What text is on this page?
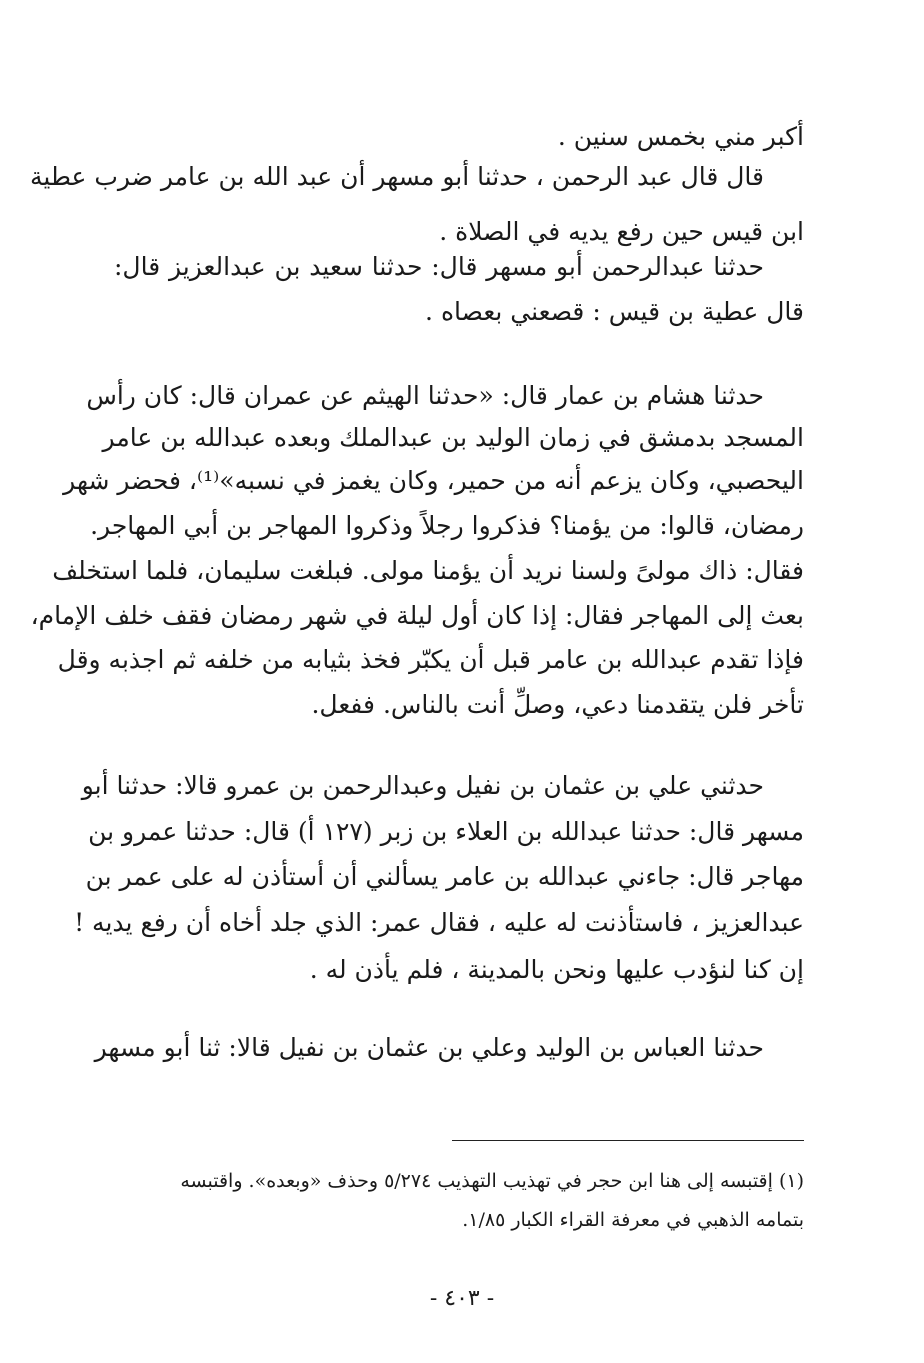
أكبر مني بخمس سنين .
قال قال عبد الرحمن ، حدثنا أبو مسهر أن عبد الله بن عامر ضرب عطية
ابن قيس حين رفع يديه في الصلاة .
حدثنا عبدالرحمن أبو مسهر قال: حدثنا سعيد بن عبدالعزيز قال:
قال عطية بن قيس : قصعني بعصاه .
حدثنا هشام بن عمار قال: «حدثنا الهيثم عن عمران قال: كان رأس
المسجد بدمشق في زمان الوليد بن عبدالملك وبعده عبدالله بن عامر
اليحصبي، وكان يزعم أنه من حمير، وكان يغمز في نسبه»⁽¹⁾، فحضر شهر
رمضان، قالوا: من يؤمنا؟ فذكروا رجلاً وذكروا المهاجر بن أبي المهاجر.
فقال: ذاك مولىً ولسنا نريد أن يؤمنا مولى. فبلغت سليمان، فلما استخلف
بعث إلى المهاجر فقال: إذا كان أول ليلة في شهر رمضان فقف خلف الإمام،
فإذا تقدم عبدالله بن عامر قبل أن يكبّر فخذ بثيابه من خلفه ثم اجذبه وقل
تأخر فلن يتقدمنا دعي، وصلِّ أنت بالناس. ففعل.
حدثني علي بن عثمان بن نفيل وعبدالرحمن بن عمرو قالا: حدثنا أبو
مسهر قال: حدثنا عبدالله بن العلاء بن زبر (١٢٧ أ) قال: حدثنا عمرو بن
مهاجر قال: جاءني عبدالله بن عامر يسألني أن أستأذن له على عمر بن
عبدالعزيز ، فاستأذنت له عليه ، فقال عمر: الذي جلد أخاه أن رفع يديه !
إن كنا لنؤدب عليها ونحن بالمدينة ، فلم يأذن له .
حدثنا العباس بن الوليد وعلي بن عثمان بن نفيل قالا: ثنا أبو مسهر
(١) إقتبسه إلى هنا ابن حجر في تهذيب التهذيب ٥/٢٧٤ وحذف «وبعده». واقتبسه
بتمامه الذهبي في معرفة القراء الكبار ١/٨٥.
- ٤٠٣ -
